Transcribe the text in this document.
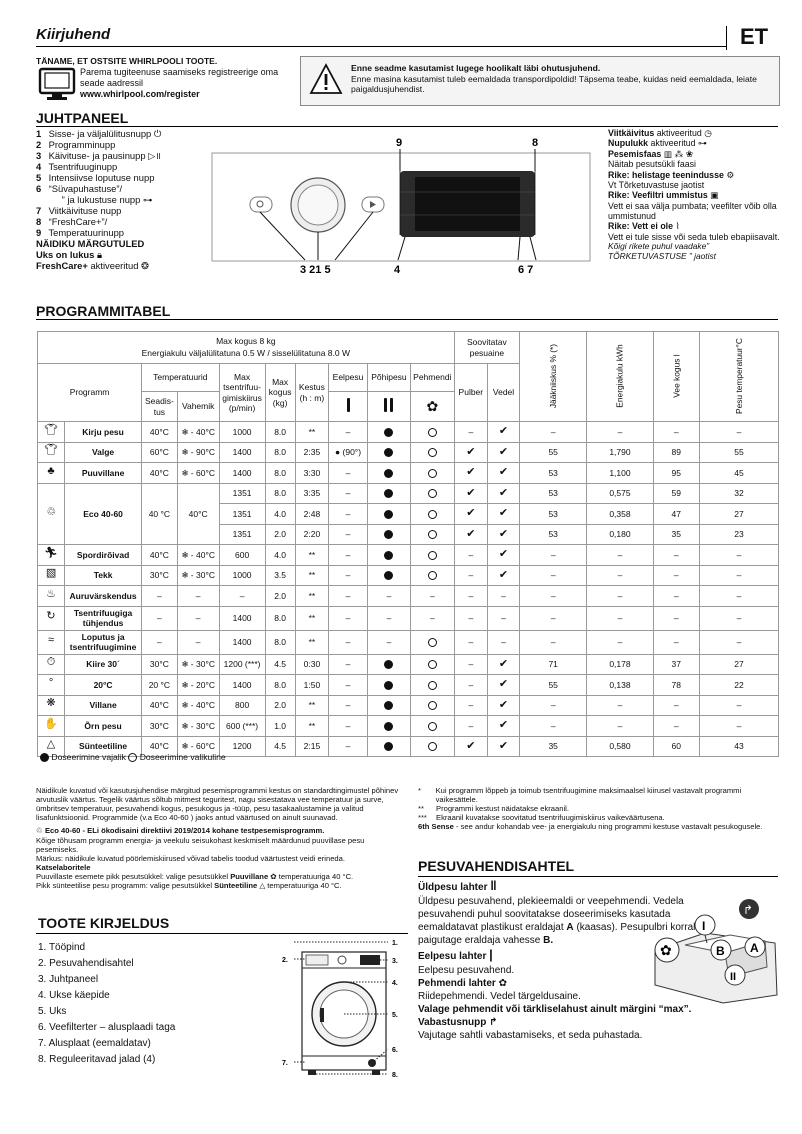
Kiirjuhend	ET
TÄNAME, ET OSTSITE WHIRLPOOLI TOOTE.
Parema tugiteenuse saamiseks registreerige oma seade aadressil
www.whirlpool.com/register
Enne seadme kasutamist lugege hoolikalt läbi ohutusjuhend.
Enne masina kasutamist tuleb eemaldada transpordipoldid! Täpsema teabe, kuidas neid eemaldada, leiate paigaldusjuhendist.
JUHTPANEEL
1 Sisse- ja väljalülitusnupp ⏻
2 Programminupp
3 Käivituse- ja pausinupp ▷॥
4 Tsentrifuuginupp
5 Intensiivse loputuse nupp
6 “Süvapuhastuse”/
” ja lukustuse nupp ⊶
7 Viitkäivituse nupp
8 “FreshCare+”/
9 Temperatuurinupp
NÄIDIKU MÄRGUTULED
Uks on lukus 🔒︎
FreshCare+ aktiveeritud ❂
9	8
3 21 5	4	6 7
Viitkäivitus aktiveeritud ◷
Nupulukk aktiveeritud ⊶
Pesemisfaas ▥ ⁂ ❀
Näitab pesutsükli faasi
Rike: helistage teenindusse ⚙
Vt Tõrketuvastuse jaotist
Rike: Veefiltri ummistus ▣
Vett ei saa välja pumbata; veefilter võib olla ummistunud
Rike: Vett ei ole ⌇
Vett ei tule sisse või seda tuleb ebapiisavalt.
Kõigi rikete puhul vaadake” TÕRKETUVASTUSE ” jaotist
PROGRAMMITABEL
Max kogus 8 kg
Energiakulu väljalülitatuna 0.5 W / sisselülitatuna 8.0 W										Soovitatav pesuaine		Jääkniiskus % (*)	Energiakulu kWh	Vee kogus l	Pesu temperatuur°C
Programm		Temperatuurid		Max tsentrifuu-gimiskiirus (p/min)	Max kogus (kg)	Kestus (h : m)	Eelpesu	Põhipesu	Pehmendi	Pulber	Vedel				
		Seadis-tus	Vahemik						✿						
👕︎	Kirju pesu	40°C	❄ - 40°C	1000	8.0	**	–			–	✔	–	–	–	–
👕︎	Valge	60°C	❄ - 90°C	1400	8.0	2:35	● (90°)			✔	✔	55	1,790	89	55
♣	Puuvillane	40°C	❄ - 60°C	1400	8.0	3:30	–			✔	✔	53	1,100	95	45
♲	Eco 40-60	40 °C	40°C	1351	8.0	3:35	–			✔	✔	53	0,575	59	32
				1351	4.0	2:48	–			✔	✔	53	0,358	47	27
				1351	2.0	2:20	–			✔	✔	53	0,180	35	23
🏃︎	Spordirõivad	40°C	❄ - 40°C	600	4.0	**	–			–	✔	–	–	–	–
▧	Tekk	30°C	❄ - 30°C	1000	3.5	**	–			–	✔	–	–	–	–
♨	Auruvärskendus	–	–	–	2.0	**	–	–	–	–	–	–	–	–	–
↻	Tsentrifuugiga tühjendus	–	–	1400	8.0	**	–	–	–	–	–	–	–	–	–
≈	Loputus ja tsentrifuugimine	–	–	1400	8.0	**	–	–		–	–	–	–	–	–
⏱	Kiire 30´	30°C	❄ - 30°C	1200 (***)	4.5	0:30	–			–	✔	71	0,178	37	27
°	20°C	20 °C	❄ - 20°C	1400	8.0	1:50	–			–	✔	55	0,138	78	22
❋	Villane	40°C	❄ - 40°C	800	2.0	**	–			–	✔	–	–	–	–
✋	Õrn pesu	30°C	❄ - 30°C	600 (***)	1.0	**	–			–	✔	–	–	–	–
△	Sünteetiline	40°C	❄ - 60°C	1200	4.5	2:15	–			✔	✔	35	0,580	60	43
Doseerimine vajalik Doseerimine valikuline
Näidikule kuvatud või kasutusjuhendise märgitud pesemisprogrammi kestus on standardtingimustel põhinev arvutuslik väärtus. Tegelik väärtus sõltub mitmest teguritest, nagu sisestatava vee temperatuur ja surve, ümbritsev temperatuur, pesuvahendi kogus, pesukogus ja -tüüp, pesu tasakaalustamine ja valitud lisafunktsioonid. Programmide (v.a Eco 40-60 ) jaoks antud väärtused on ainult suunavad.
♲ Eco 40-60 - ELi ökodisaini direktiivi 2019/2014 kohane testpesemisprogramm.
Kõige tõhusam programm energia- ja veekulu seisukohast keskmiselt määrdunud puuvillase pesu pesemiseks.
Märkus: näidikule kuvatud pöörlemiskiirused võivad tabelis toodud väärtustest veidi erineda.
Katselaboritele
Puuvillaste esemete pikk pesutsükkel: valige pesutsükkel Puuvillane ✿ temperatuuriga 40 °C.
Pikk sünteetilise pesu programm: valige pesutsükkel Sünteetiline △ temperatuuriga 40 °C.
*	Kui programm lõppeb ja toimub tsentrifuugimine maksimaalsel kiirusel vastavalt programmi vaikesättele.
**	Programmi kestust näidatakse ekraanil.
***	Ekraanil kuvatakse soovitatud tsentrifuugimiskiirus vaikeväärtusena.
6th Sense - see andur kohandab vee- ja energiakulu ning programmi kestuse vastavalt pesukogusele.
TOOTE KIRJELDUS
1. Tööpind
2. Pesuvahendisahtel
3. Juhtpaneel
4. Ukse käepide
5. Uks
6. Veefilterter – alusplaadi taga
7. Alusplaat (eemaldatav)
8. Reguleeritavad jalad (4)
1.
2.	3.
4.
5.
6.
7.
8.
PESUVAHENDISAHTEL
Üldpesu lahter ‖
Üldpesu pesuvahend, plekieemaldi or veepehmendi. Vedela pesuvahendi puhul soovitatakse doseerimiseks kasutada eemaldatavat plastikust eraldajat A (kaasas). Pesupulbri korral paigutage eraldaja vahesse B.
Eelpesu lahter |
Eelpesu pesuvahend.
Pehmendi lahter ✿
Riidepehmendi. Vedel tärgeldusaine.
Valage pehmendit või tärkliselahust ainult märgini “max”.
Vabastusnupp ↱
Vajutage sahtli vabastamiseks, et seda puhastada.
✿
I
↱
B A
II
